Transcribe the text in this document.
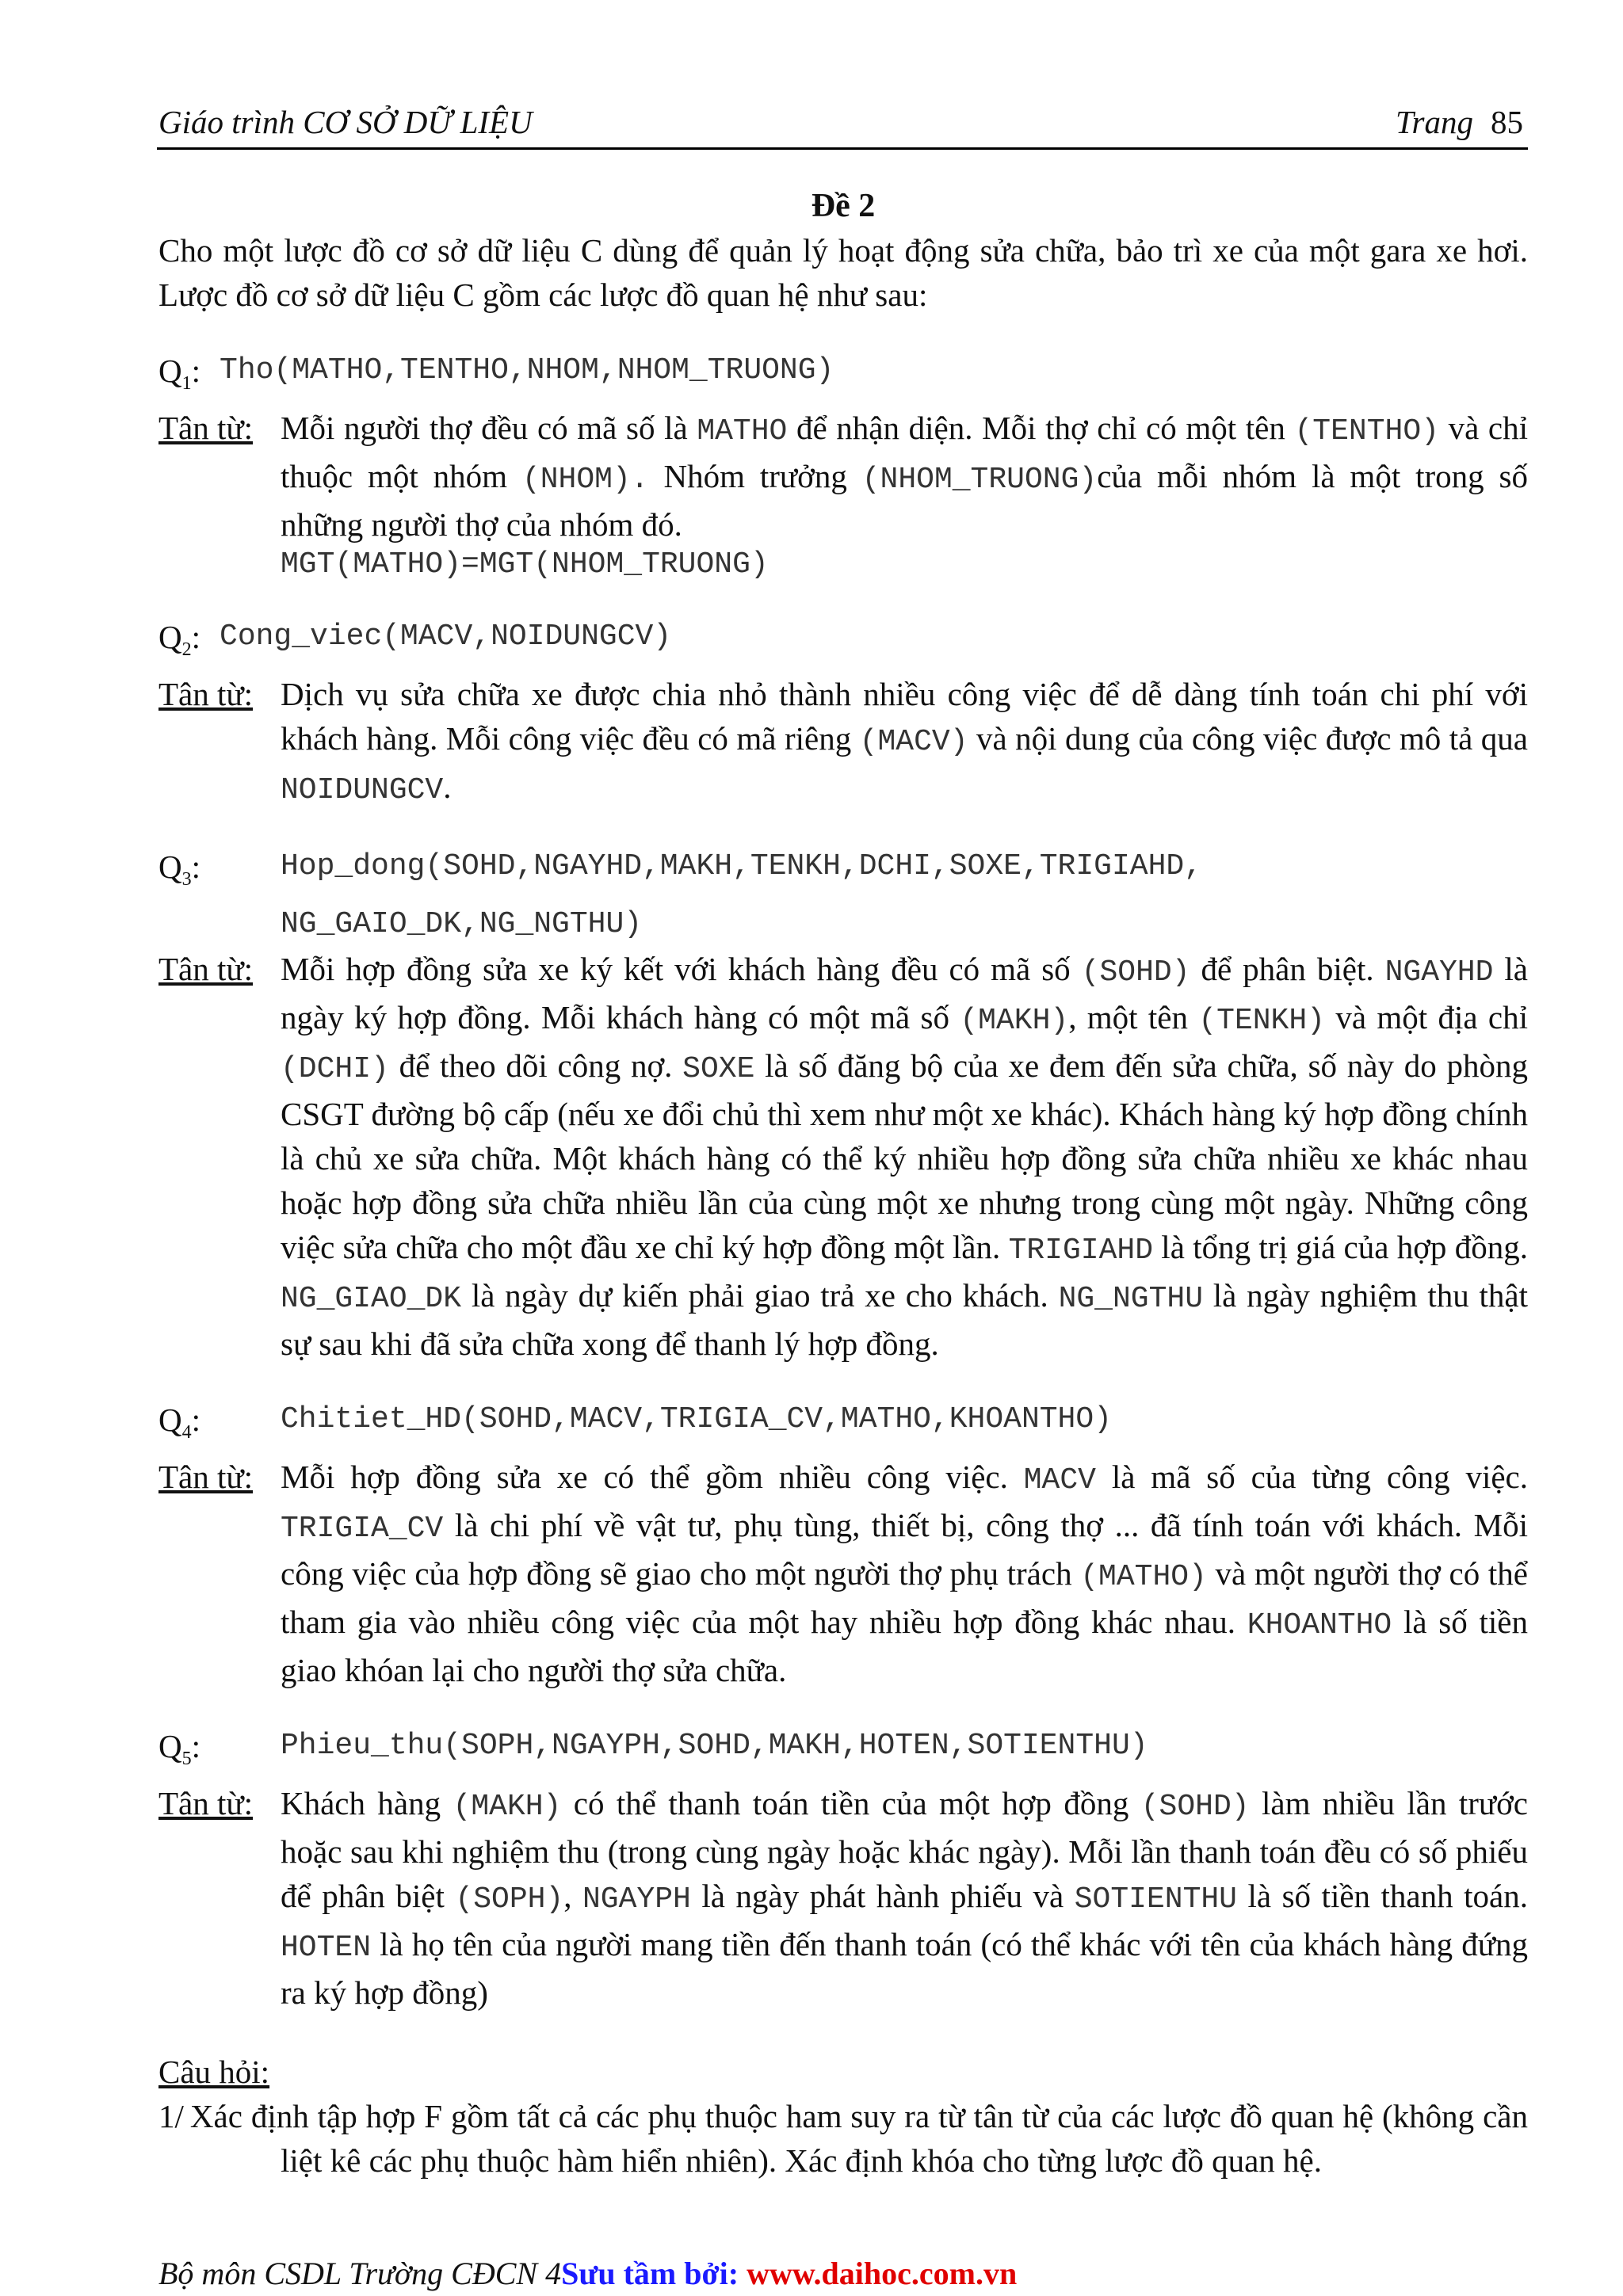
Giáo trình CƠ SỞ DỮ LIỆU	Trang 85
Đề 2
Cho một lược đồ cơ sở dữ liệu C dùng để quản lý hoạt động sửa chữa, bảo trì xe của một gara xe hơi. Lược đồ cơ sở dữ liệu C gồm các lược đồ quan hệ như sau:
$Q_1$: Tho(MATHO,TENTHO,NHOM,NHOM_TRUONG)
Tân từ: Mỗi người thợ đều có mã số là MATHO để nhận diện. Mỗi thợ chỉ có một tên (TENTHO) và chỉ thuộc một nhóm (NHOM). Nhóm trưởng (NHOM_TRUONG)của mỗi nhóm là một trong số những người thợ của nhóm đó.
MGT(MATHO)=MGT(NHOM_TRUONG)
$Q_2$: Cong_viec(MACV,NOIDUNGCV)
Tân từ: Dịch vụ sửa chữa xe được chia nhỏ thành nhiều công việc để dễ dàng tính toán chi phí với khách hàng. Mỗi công việc đều có mã riêng (MACV) và nội dung của công việc được mô tả qua NOIDUNGCV.
$Q_3$:	Hop_dong(SOHD,NGAYHD,MAKH,TENKH,DCHI,SOXE,TRIGIAHD,
NG_GAIO_DK,NG_NGTHU)
Tân từ: Mỗi hợp đồng sửa xe ký kết với khách hàng đều có mã số (SOHD) để phân biệt. NGAYHD là ngày ký hợp đồng. Mỗi khách hàng có một mã số (MAKH), một tên (TENKH) và một địa chỉ (DCHI) để theo dõi công nợ. SOXE là số đăng bộ của xe đem đến sửa chữa, số này do phòng CSGT đường bộ cấp (nếu xe đổi chủ thì xem như một xe khác). Khách hàng ký hợp đồng chính là chủ xe sửa chữa. Một khách hàng có thể ký nhiều hợp đồng sửa chữa nhiều xe khác nhau hoặc hợp đồng sửa chữa nhiều lần của cùng một xe nhưng trong cùng một ngày. Những công việc sửa chữa cho một đầu xe chỉ ký hợp đồng một lần. TRIGIAHD là tổng trị giá của hợp đồng. NG_GIAO_DK là ngày dự kiến phải giao trả xe cho khách. NG_NGTHU là ngày nghiệm thu thật sự sau khi đã sửa chữa xong để thanh lý hợp đồng.
$Q_4$:	Chitiet_HD(SOHD,MACV,TRIGIA_CV,MATHO,KHOANTHO)
Tân từ: Mỗi hợp đồng sửa xe có thể gồm nhiều công việc. MACV là mã số của từng công việc. TRIGIA_CV là chi phí về vật tư, phụ tùng, thiết bị, công thợ ... đã tính toán với khách. Mỗi công việc của hợp đồng sẽ giao cho một người thợ phụ trách (MATHO) và một người thợ có thể tham gia vào nhiều công việc của một hay nhiều hợp đồng khác nhau. KHOANTHO là số tiền giao khóan lại cho người thợ sửa chữa.
$Q_5$:	Phieu_thu(SOPH,NGAYPH,SOHD,MAKH,HOTEN,SOTIENTHU)
Tân từ: Khách hàng (MAKH) có thể thanh toán tiền của một hợp đồng (SOHD) làm nhiều lần trước hoặc sau khi nghiệm thu (trong cùng ngày hoặc khác ngày). Mỗi lần thanh toán đều có số phiếu để phân biệt (SOPH), NGAYPH là ngày phát hành phiếu và SOTIENTHU là số tiền thanh toán. HOTEN là họ tên của người mang tiền đến thanh toán (có thể khác với tên của khách hàng đứng ra ký hợp đồng)
Câu hỏi:
1/ Xác định tập hợp F gồm tất cả các phụ thuộc ham suy ra từ tân từ của các lược đồ quan hệ (không cần liệt kê các phụ thuộc hàm hiển nhiên). Xác định khóa cho từng lược đồ quan hệ.
Bộ môn CSDL Trường CĐCN 4Sưu tầm bởi: www.daihoc.com.vn
